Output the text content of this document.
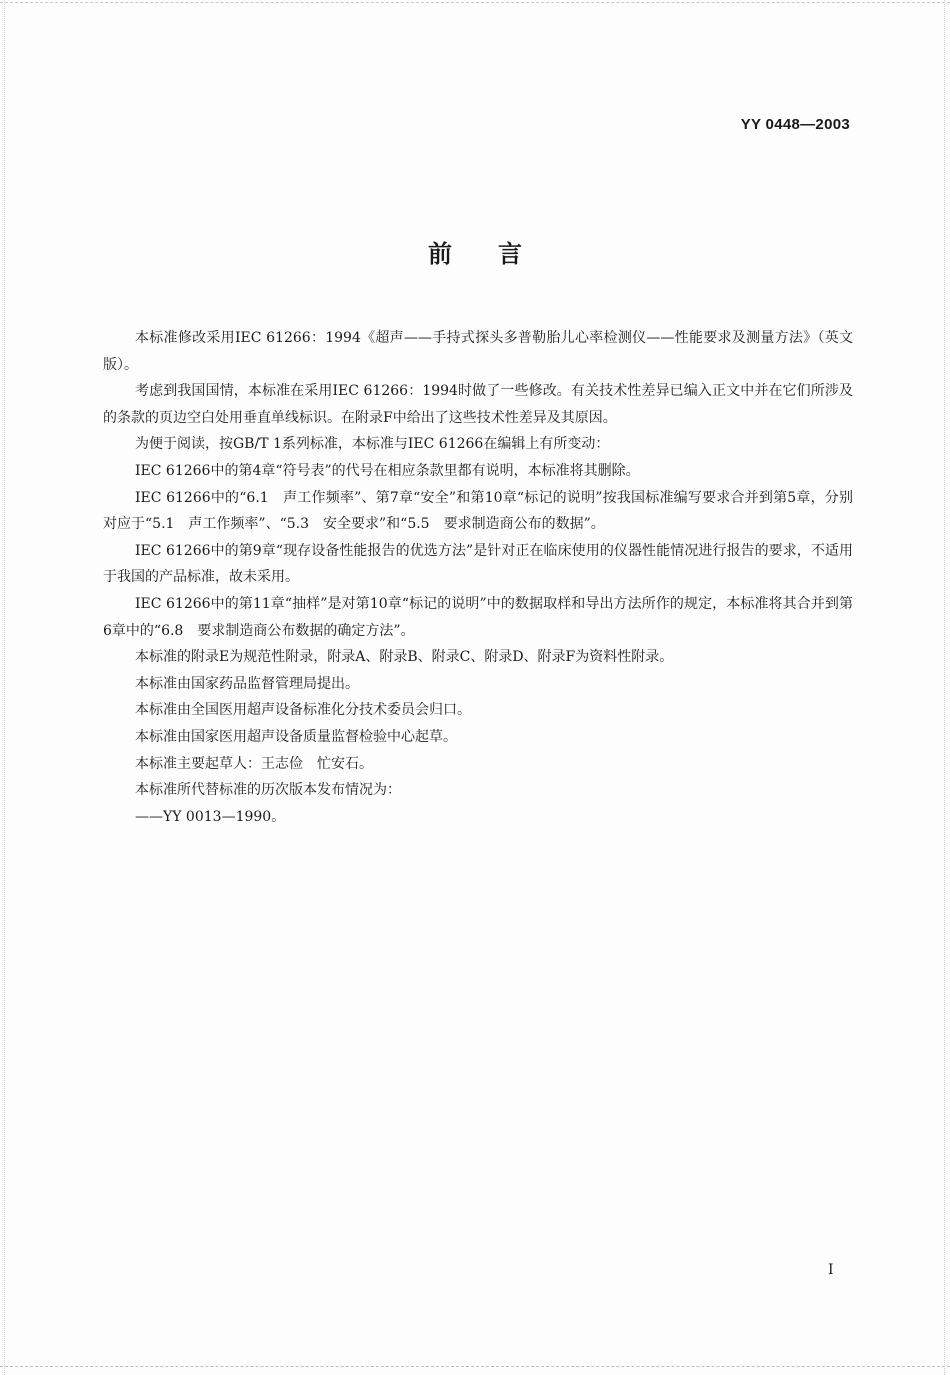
YY 0448—2003
前言

本标准修改采用IEC 61266：1994《超声——手持式探头多普勒胎儿心率检测仪——性能要求及测量方法》（英文版）。

考虑到我国国情，本标准在采用IEC 61266：1994时做了一些修改。有关技术性差异已编入正文中并在它们所涉及的条款的页边空白处用垂直单线标识。在附录F中给出了这些技术性差异及其原因。

为便于阅读，按GB/T 1系列标准，本标准与IEC 61266在编辑上有所变动：

IEC 61266中的第4章“符号表”的代号在相应条款里都有说明，本标准将其删除。

IEC 61266中的“6.1　声工作频率”、第7章“安全”和第10章“标记的说明”按我国标准编写要求合并到第5章，分别对应于“5.1　声工作频率”、“5.3　安全要求”和“5.5　要求制造商公布的数据”。

IEC 61266中的第9章“现存设备性能报告的优选方法”是针对正在临床使用的仪器性能情况进行报告的要求，不适用于我国的产品标准，故未采用。

IEC 61266中的第11章“抽样”是对第10章“标记的说明”中的数据取样和导出方法所作的规定，本标准将其合并到第6章中的“6.8　要求制造商公布数据的确定方法”。

本标准的附录E为规范性附录，附录A、附录B、附录C、附录D、附录F为资料性附录。

本标准由国家药品监督管理局提出。

本标准由全国医用超声设备标准化分技术委员会归口。

本标准由国家医用超声设备质量监督检验中心起草。

本标准主要起草人：王志俭　忙安石。

本标准所代替标准的历次版本发布情况为：

——YY 0013—1990。

I
